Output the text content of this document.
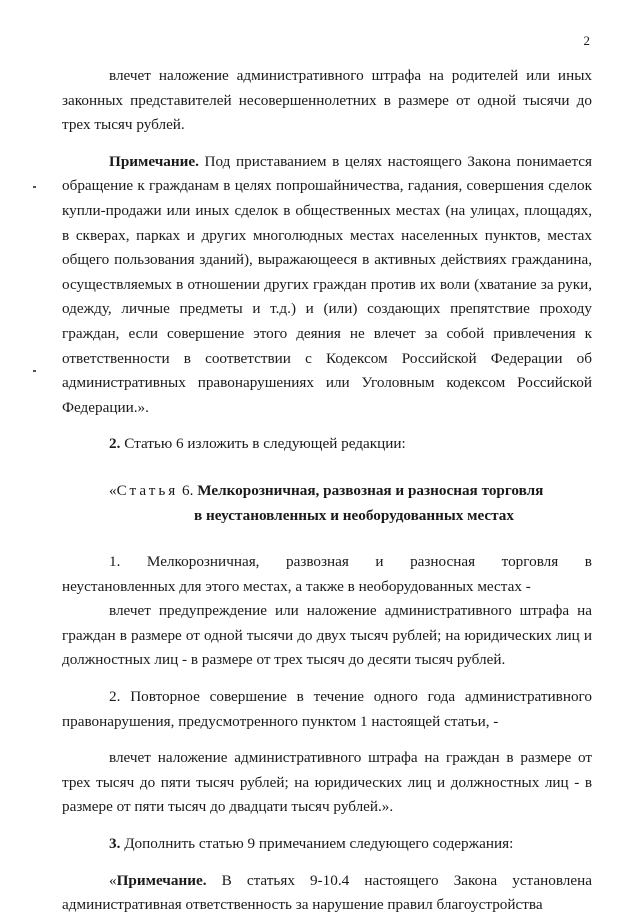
2

влечет наложение административного штрафа на родителей или иных законных представителей несовершеннолетних в размере от одной тысячи до трех тысяч рублей.

Примечание. Под приставанием в целях настоящего Закона понимается обращение к гражданам в целях попрошайничества, гадания, совершения сделок купли-продажи или иных сделок в общественных местах (на улицах, площадях, в скверах, парках и других многолюдных местах населенных пунктов, местах общего пользования зданий), выражающееся в активных действиях гражданина, осуществляемых в отношении других граждан против их воли (хватание за руки, одежду, личные предметы и т.д.) и (или) создающих препятствие проходу граждан, если совершение этого деяния не влечет за собой привлечения к ответственности в соответствии с Кодексом Российской Федерации об административных правонарушениях или Уголовным кодексом Российской Федерации.».

2. Статью 6 изложить в следующей редакции:

«Статья 6. Мелкорозничная, развозная и разносная торговля
в неустановленных и необорудованных местах

1. Мелкорозничная, развозная и разносная торговля в

неустановленных для этого местах, а также в необорудованных местах -

влечет предупреждение или наложение административного штрафа на граждан в размере от одной тысячи до двух тысяч рублей; на юридических лиц и должностных лиц - в размере от трех тысяч до десяти тысяч рублей.

2. Повторное совершение в течение одного года административного правонарушения, предусмотренного пунктом 1 настоящей статьи, -

влечет наложение административного штрафа на граждан в размере от трех тысяч до пяти тысяч рублей; на юридических лиц и должностных лиц - в размере от пяти тысяч до двадцати тысяч рублей.».

3. Дополнить статью 9 примечанием следующего содержания:

«Примечание. В статьях 9-10.4 настоящего Закона установлена административная ответственность за нарушение правил благоустройства
